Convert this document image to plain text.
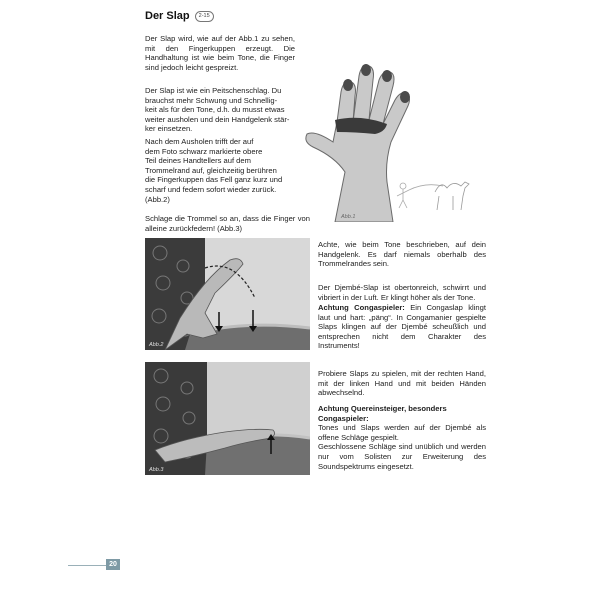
Der Slap 2-15
Der Slap wird, wie auf der Abb.1 zu sehen, mit den Fingerkuppen erzeugt. Die Handhaltung ist wie beim Tone, die Finger sind jedoch leicht gespreizt.
Der Slap ist wie ein Peitschenschlag. Du
brauchst mehr Schwung und Schnellig-
keit als für den Tone, d.h. du musst etwas
weiter ausholen und dein Handgelenk stär-
ker einsetzen.
Nach dem Ausholen trifft der auf
dem Foto schwarz markierte obere
Teil deines Handtellers auf dem
Trommelrand auf, gleichzeitig berühren
die Fingerkuppen das Fell ganz kurz und
scharf und federn sofort wieder zurück.
(Abb.2)
Schlage die Trommel so an, dass die Finger von alleine zurückfedern! (Abb.3)
Abb.1
Abb.2
Abb.3
Achte, wie beim Tone beschrieben, auf dein Handgelenk. Es darf niemals oberhalb des Trommelrandes sein.
Der Djembé-Slap ist obertonreich, schwirrt und vibriert in der Luft. Er klingt höher als der Tone.
Achtung Congaspieler: Ein Congaslap klingt laut und hart: „päng“. In Congamanier gespielte Slaps klingen auf der Djembé scheußlich und entsprechen nicht dem Charakter des Instruments!
Probiere Slaps zu spielen, mit der rechten Hand, mit der linken Hand und mit beiden Händen abwechselnd.
Achtung Quereinsteiger, besonders Congaspieler:
Tones und Slaps werden auf der Djembé als offene Schläge gespielt.
Geschlossene Schläge sind unüblich und werden nur vom Solisten zur Erweiterung des Soundspektrums eingesetzt.
20
